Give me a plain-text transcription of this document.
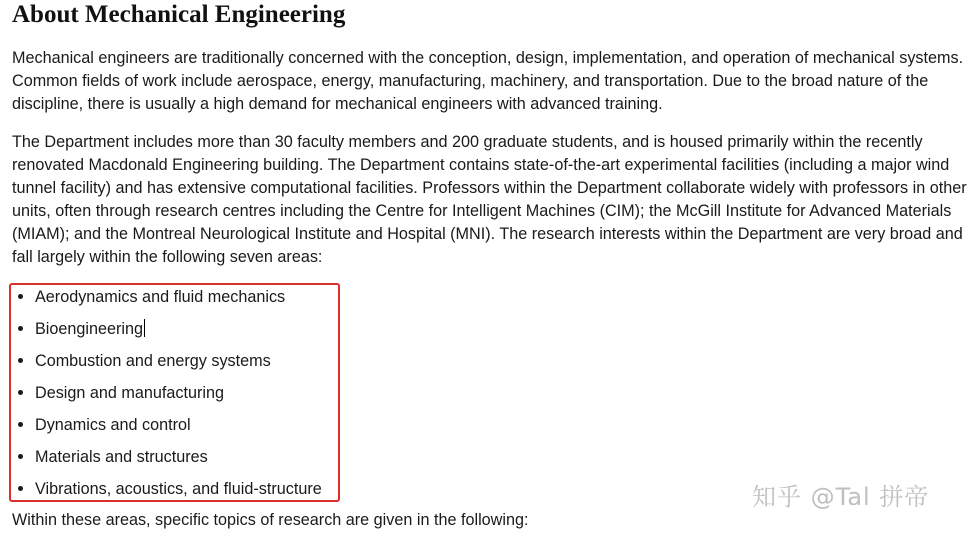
About Mechanical Engineering

Mechanical engineers are traditionally concerned with the conception, design, implementation, and operation of mechanical systems. Common fields of work include aerospace, energy, manufacturing, machinery, and transportation. Due to the broad nature of the discipline, there is usually a high demand for mechanical engineers with advanced training.

The Department includes more than 30 faculty members and 200 graduate students, and is housed primarily within the recently renovated Macdonald Engineering building. The Department contains state-of-the-art experimental facilities (including a major wind tunnel facility) and has extensive computational facilities. Professors within the Department collaborate widely with professors in other units, often through research centres including the Centre for Intelligent Machines (CIM); the McGill Institute for Advanced Materials (MIAM); and the Montreal Neurological Institute and Hospital (MNI). The research interests within the Department are very broad and fall largely within the following seven areas:

Aerodynamics and fluid mechanics
Bioengineering
Combustion and energy systems
Design and manufacturing
Dynamics and control
Materials and structures
Vibrations, acoustics, and fluid-structure

Within these areas, specific topics of research are given in the following:

知乎 @Tal 拼帝
